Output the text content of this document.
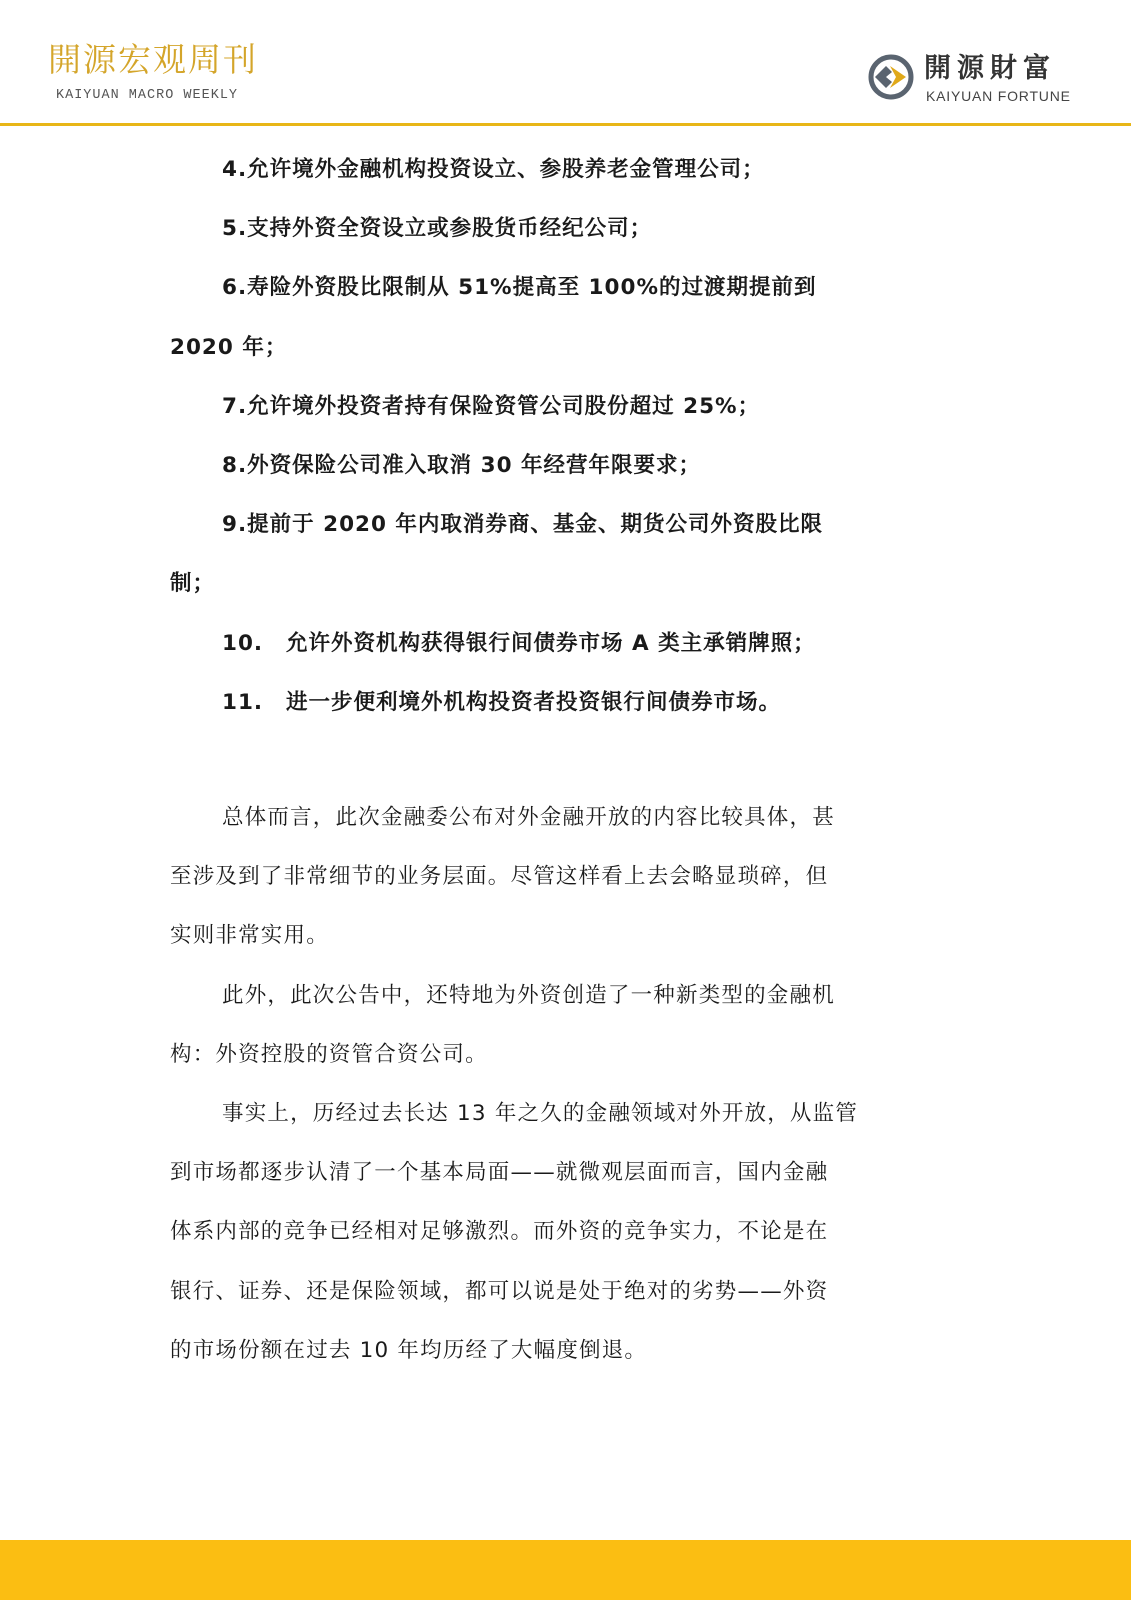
開源宏观周刊
KAIYUAN MACRO WEEKLY
開源財富
KAIYUAN FORTUNE
4.允许境外金融机构投资设立、参股养老金管理公司；
5.支持外资全资设立或参股货币经纪公司；
6.寿险外资股比限制从 51%提高至 100%的过渡期提前到
2020 年；
7.允许境外投资者持有保险资管公司股份超过 25%；
8.外资保险公司准入取消 30 年经营年限要求；
9.提前于 2020 年内取消券商、基金、期货公司外资股比限
制；
10. 允许外资机构获得银行间债券市场 A 类主承销牌照；
11. 进一步便利境外机构投资者投资银行间债券市场。
总体而言，此次金融委公布对外金融开放的内容比较具体，甚
至涉及到了非常细节的业务层面。尽管这样看上去会略显琐碎，但
实则非常实用。
此外，此次公告中，还特地为外资创造了一种新类型的金融机
构：外资控股的资管合资公司。
事实上，历经过去长达 13 年之久的金融领域对外开放，从监管
到市场都逐步认清了一个基本局面——就微观层面而言，国内金融
体系内部的竞争已经相对足够激烈。而外资的竞争实力，不论是在
银行、证券、还是保险领域，都可以说是处于绝对的劣势——外资
的市场份额在过去 10 年均历经了大幅度倒退。
